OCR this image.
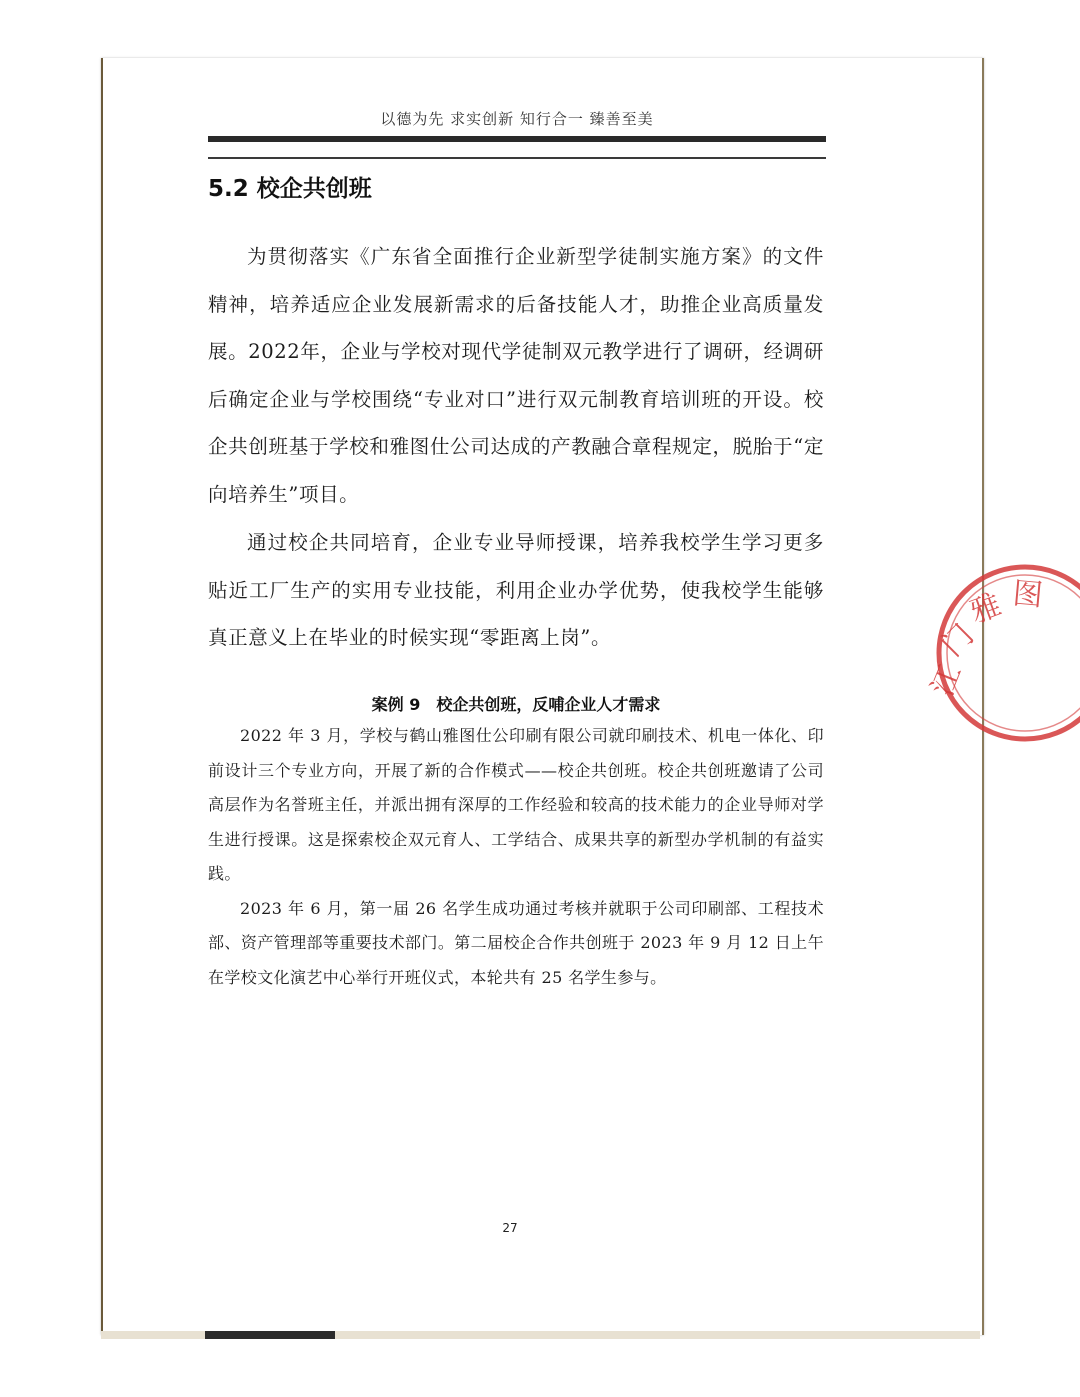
以德为先 求实创新 知行合一 臻善至美
5.2 校企共创班

为贯彻落实《广东省全面推行企业新型学徒制实施方案》的文件精神，培养适应企业发展新需求的后备技能人才，助推企业高质量发展。2022年，企业与学校对现代学徒制双元教学进行了调研，经调研后确定企业与学校围绕“专业对口”进行双元制教育培训班的开设。校企共创班基于学校和雅图仕公司达成的产教融合章程规定，脱胎于“定向培养生”项目。

通过校企共同培育，企业专业导师授课，培养我校学生学习更多贴近工厂生产的实用专业技能，利用企业办学优势，使我校学生能够真正意义上在毕业的时候实现“零距离上岗”。

案例 9　校企共创班，反哺企业人才需求

2022 年 3 月，学校与鹤山雅图仕公印刷有限公司就印刷技术、机电一体化、印前设计三个专业方向，开展了新的合作模式——校企共创班。校企共创班邀请了公司高层作为名誉班主任，并派出拥有深厚的工作经验和较高的技术能力的企业导师对学生进行授课。这是探索校企双元育人、工学结合、成果共享的新型办学机制的有益实践。

2023 年 6 月，第一届 26 名学生成功通过考核并就职于公司印刷部、工程技术部、资产管理部等重要技术部门。第二届校企合作共创班于 2023 年 9 月 12 日上午在学校文化演艺中心举行开班仪式，本轮共有 25 名学生参与。

江
门
雅 图
27
